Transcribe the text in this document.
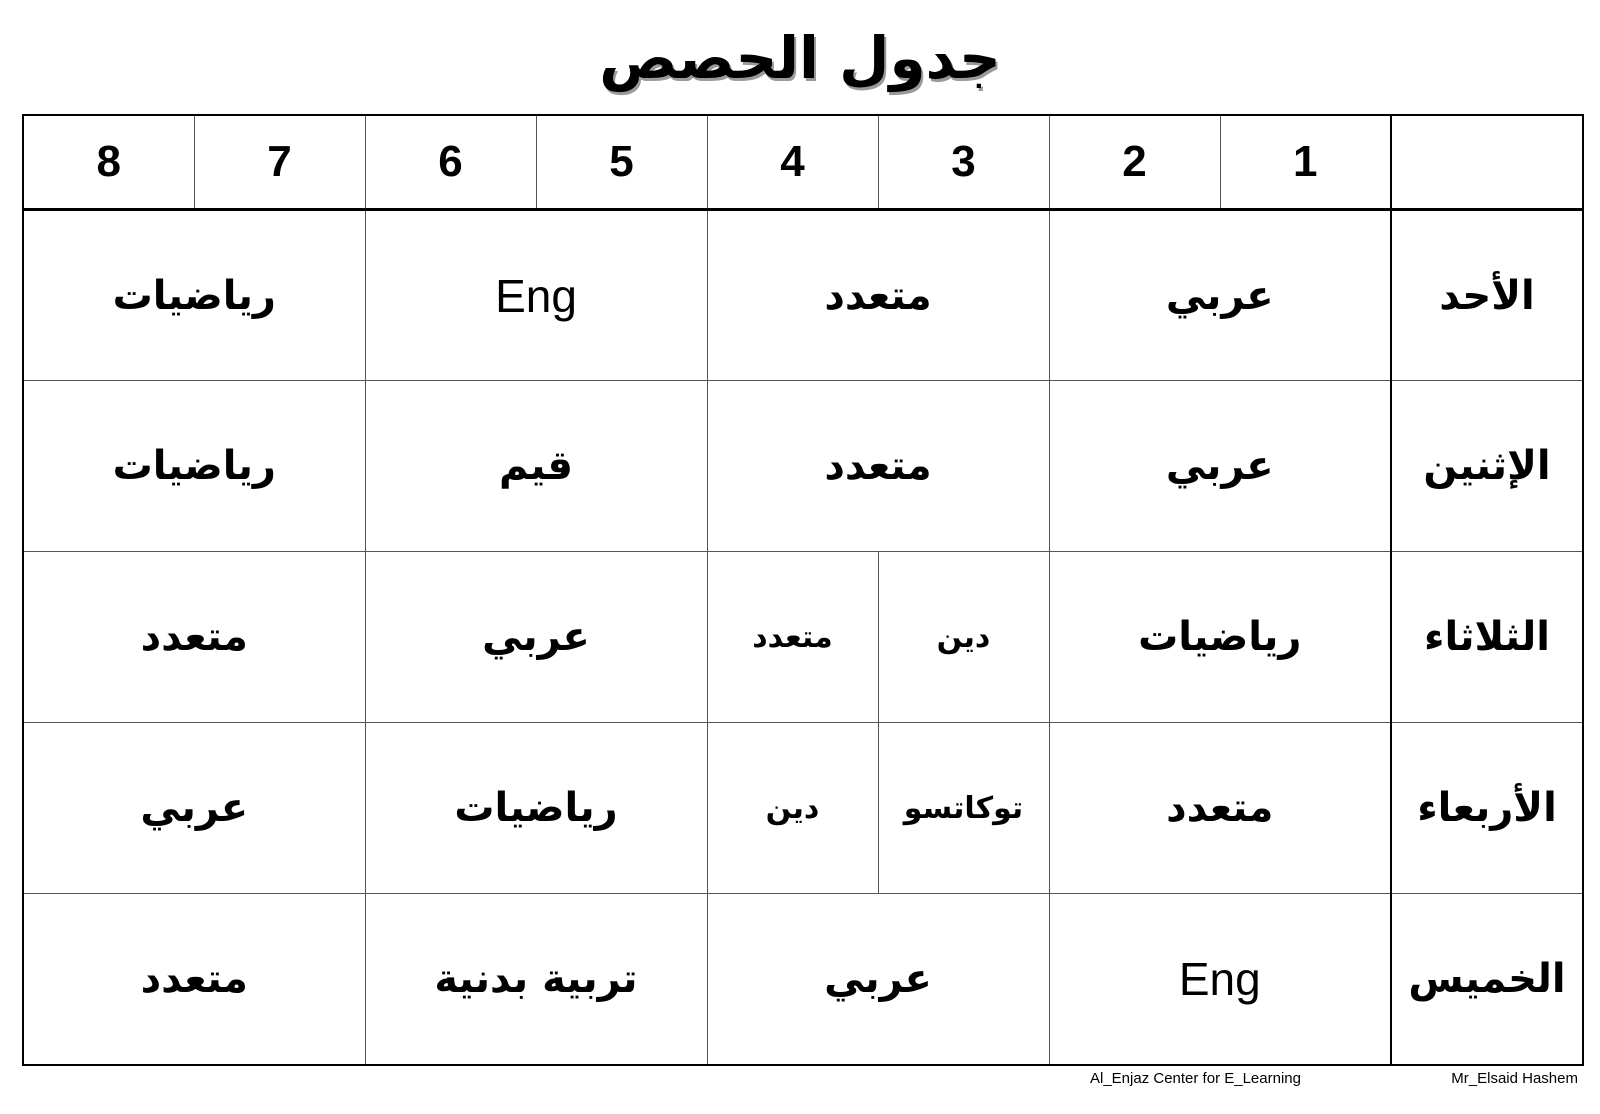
جدول الحصص
8	7	6	5	4	3	2	1	
رياضيات		Eng		متعدد		عربي		الأحد
رياضيات		قيم		متعدد		عربي		الإثنين
متعدد		عربي		متعدد	دين	رياضيات		الثلاثاء
عربي		رياضيات		دين	توكاتسو	متعدد		الأربعاء
متعدد		تربية بدنية		عربي		Eng		الخميس
Al_Enjaz Center for E_Learning	Mr_Elsaid Hashem
